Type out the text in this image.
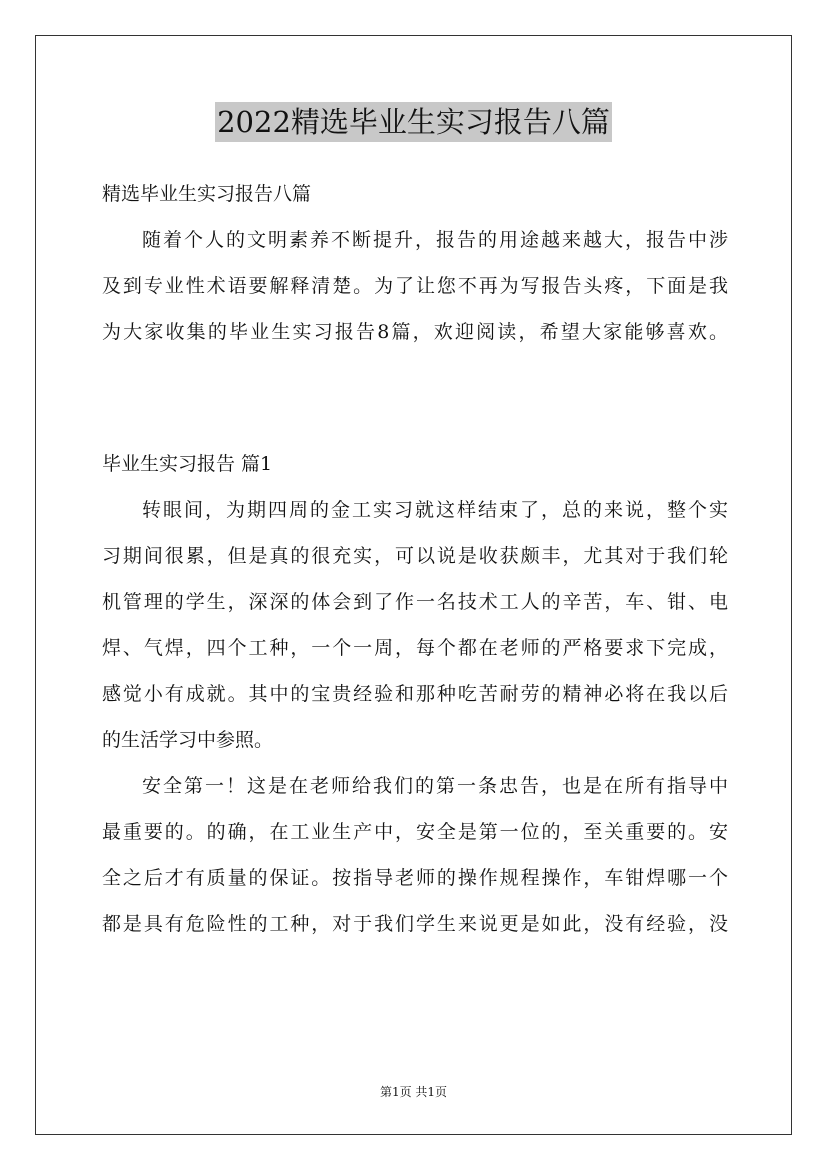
2022精选毕业生实习报告八篇
精选毕业生实习报告八篇
随着个人的文明素养不断提升，报告的用途越来越大，报告中涉
及到专业性术语要解释清楚。为了让您不再为写报告头疼，下面是我
为大家收集的毕业生实习报告8篇，欢迎阅读，希望大家能够喜欢。
毕业生实习报告 篇1
转眼间，为期四周的金工实习就这样结束了，总的来说，整个实
习期间很累，但是真的很充实，可以说是收获颇丰，尤其对于我们轮
机管理的学生，深深的体会到了作一名技术工人的辛苦，车、钳、电
焊、气焊，四个工种，一个一周，每个都在老师的严格要求下完成，
感觉小有成就。其中的宝贵经验和那种吃苦耐劳的精神必将在我以后
的生活学习中参照。
安全第一！这是在老师给我们的第一条忠告，也是在所有指导中
最重要的。的确，在工业生产中，安全是第一位的，至关重要的。安
全之后才有质量的保证。按指导老师的操作规程操作，车钳焊哪一个
都是具有危险性的工种，对于我们学生来说更是如此，没有经验，没
第1页 共1页
